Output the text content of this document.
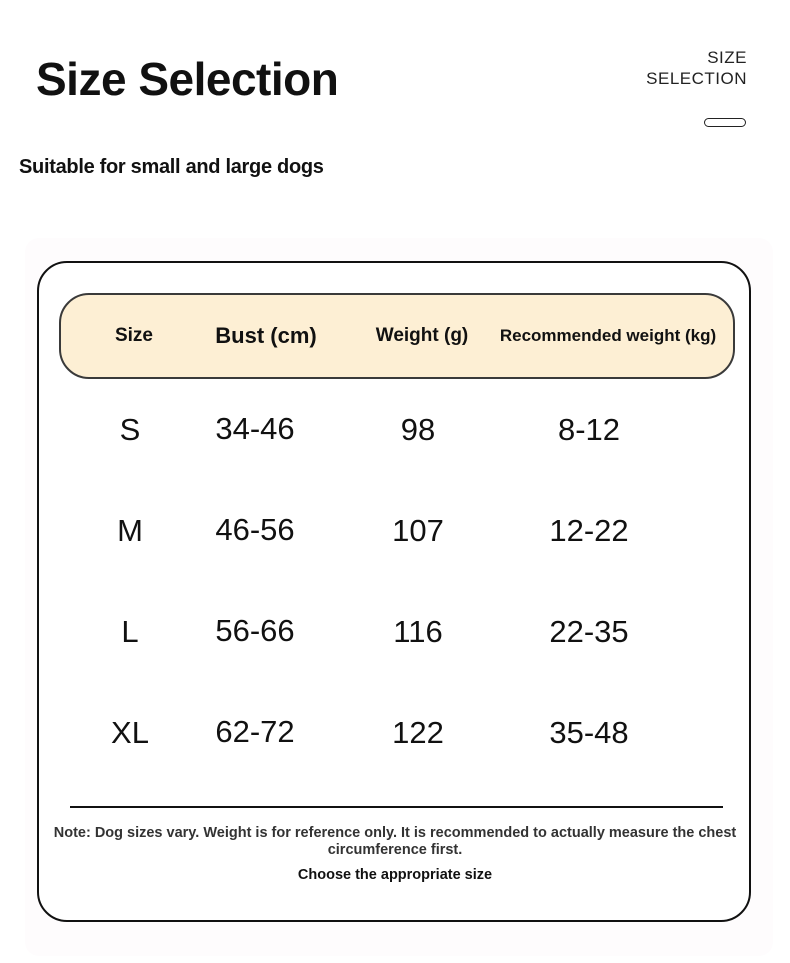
Size Selection	SIZE
SELECTION
Suitable for small and large dogs
Size	Bust (cm)	Weight (g)	Recommended weight (kg)
S	34-46	98	8-12
M	46-56	107	12-22
L	56-66	116	22-35
XL	62-72	122	35-48
Note: Dog sizes vary. Weight is for reference only. It is recommended to actually measure the chest circumference first.
Choose the appropriate size
